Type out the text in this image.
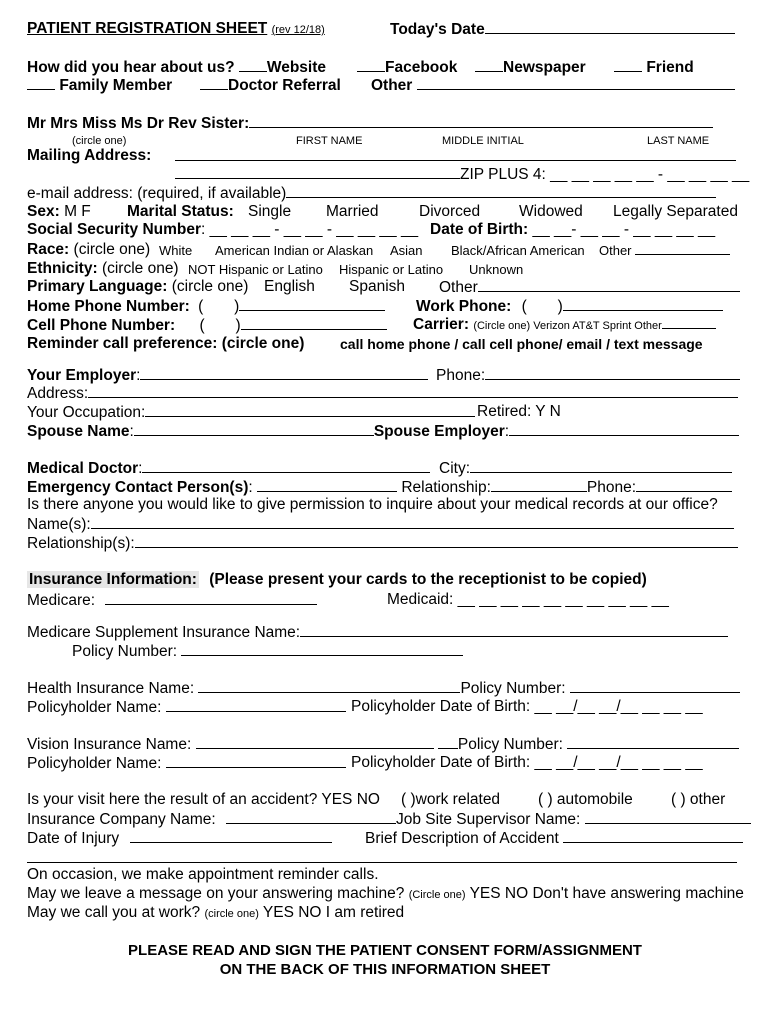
PATIENT REGISTRATION SHEET (rev 12/18)	Today's Date
How did you hear about us? Website	Facebook	Newspaper	Friend
Family Member	Doctor Referral Other
Mr Mrs Miss Ms Dr Rev Sister:
(circle one)	FIRST NAME	MIDDLE INITIAL	LAST NAME
Mailing Address:
ZIP PLUS 4: __ __ __ __ __ - __ __ __ __
e-mail address: (required, if available)
Sex: M F Marital Status: Single Married	Divorced	Widowed Legally Separated
Social Security Number: __ __ __ - __ __ - __ __ __ __ Date of Birth: __ __- __ __ - __ __ __ __
Race: (circle one) White American Indian or Alaskan Asian Black/African American Other
Ethnicity: (circle one) NOT Hispanic or Latino Hispanic or Latino Unknown
Primary Language: (circle one) English Spanish Other
Home Phone Number: ( )	Work Phone: ( )
Cell Phone Number: ( )	Carrier: (Circle one) Verizon AT&T Sprint Other
Reminder call preference: (circle one)	call home phone / call cell phone/ email / text message
Your Employer:	Phone:
Address:
Your Occupation:	Retired: Y N
Spouse Name:	Spouse Employer:
Medical Doctor:	City:
Emergency Contact Person(s):	Relationship:	Phone:
Is there anyone you would like to give permission to inquire about your medical records at our office?
Name(s):
Relationship(s):
Insurance Information: (Please present your cards to the receptionist to be copied)
Medicare:	Medicaid: __ __ __ __ __ __ __ __ __ __
Medicare Supplement Insurance Name:
Policy Number:
Health Insurance Name:	Policy Number:
Policyholder Name:	Policyholder Date of Birth: __ __/__ __/__ __ __ __
Vision Insurance Name:	Policy Number:
Policyholder Name:	Policyholder Date of Birth: __ __/__ __/__ __ __ __
Is your visit here the result of an accident? YES NO ( )work related ( ) automobile ( ) other
Insurance Company Name:	Job Site Supervisor Name:
Date of Injury	Brief Description of Accident
On occasion, we make appointment reminder calls.
May we leave a message on your answering machine? (Circle one) YES NO Don't have answering machine
May we call you at work? (circle one) YES NO I am retired
PLEASE READ AND SIGN THE PATIENT CONSENT FORM/ASSIGNMENT
ON THE BACK OF THIS INFORMATION SHEET
